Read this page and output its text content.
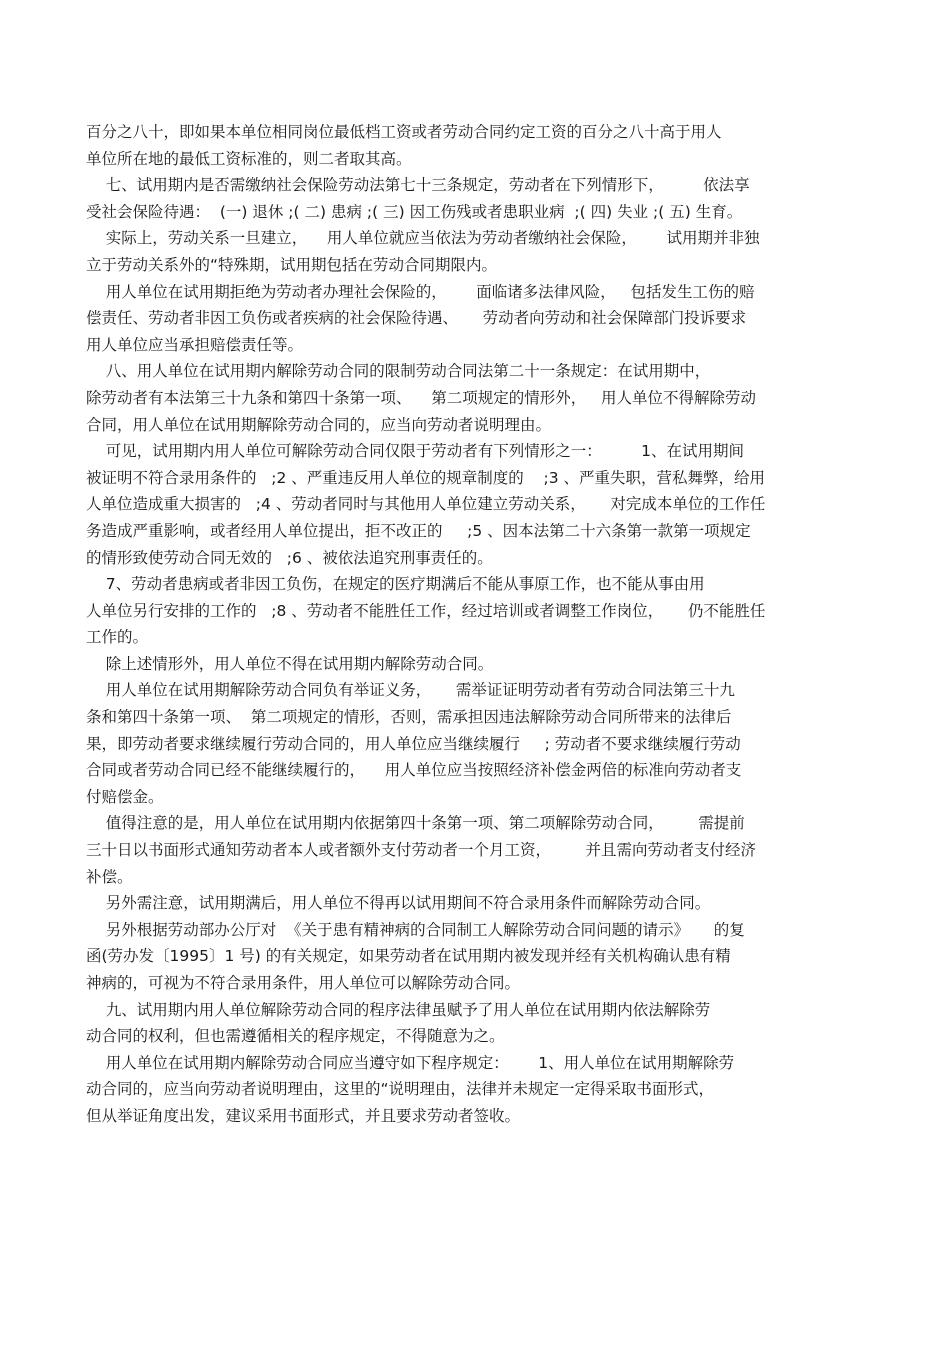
百分之八十，即如果本单位相同岗位最低档工资或者劳动合同约定工资的百分之八十高于用人
单位所在地的最低工资标准的，则二者取其高。
七、试用期内是否需缴纳社会保险劳动法第七十三条规定，劳动者在下列情形下，        依法享
受社会保险待遇：  (一) 退休 ;( 二) 患病 ;( 三) 因工伤残或者患职业病  ;( 四) 失业 ;( 五) 生育。
实际上，劳动关系一旦建立，    用人单位就应当依法为劳动者缴纳社会保险，      试用期并非独
立于劳动关系外的“特殊期，试用期包括在劳动合同期限内。
用人单位在试用期拒绝为劳动者办理社会保险的，      面临诸多法律风险，   包括发生工伤的赔
偿责任、劳动者非因工负伤或者疾病的社会保险待遇、     劳动者向劳动和社会保障部门投诉要求
用人单位应当承担赔偿责任等。
八、用人单位在试用期内解除劳动合同的限制劳动合同法第二十一条规定：在试用期中，
除劳动者有本法第三十九条和第四十条第一项、    第二项规定的情形外，   用人单位不得解除劳动
合同，用人单位在试用期解除劳动合同的，应当向劳动者说明理由。
可见，试用期内用人单位可解除劳动合同仅限于劳动者有下列情形之一：        1、在试用期间
被证明不符合录用条件的   ;2 、严重违反用人单位的规章制度的    ;3 、严重失职，营私舞弊，给用
人单位造成重大损害的   ;4 、劳动者同时与其他用人单位建立劳动关系，     对完成本单位的工作任
务造成严重影响，或者经用人单位提出，拒不改正的     ;5 、因本法第二十六条第一款第一项规定
的情形致使劳动合同无效的   ;6 、被依法追究刑事责任的。
7、劳动者患病或者非因工负伤，在规定的医疗期满后不能从事原工作，也不能从事由用
人单位另行安排的工作的   ;8 、劳动者不能胜任工作，经过培训或者调整工作岗位，     仍不能胜任
工作的。
除上述情形外，用人单位不得在试用期内解除劳动合同。
用人单位在试用期解除劳动合同负有举证义务，     需举证证明劳动者有劳动合同法第三十九
条和第四十条第一项、  第二项规定的情形，否则，需承担因违法解除劳动合同所带来的法律后
果，即劳动者要求继续履行劳动合同的，用人单位应当继续履行     ; 劳动者不要求继续履行劳动
合同或者劳动合同已经不能继续履行的，    用人单位应当按照经济补偿金两倍的标准向劳动者支
付赔偿金。
值得注意的是，用人单位在试用期内依据第四十条第一项、第二项解除劳动合同，       需提前
三十日以书面形式通知劳动者本人或者额外支付劳动者一个月工资，       并且需向劳动者支付经济
补偿。
另外需注意，试用期满后，用人单位不得再以试用期间不符合录用条件而解除劳动合同。
另外根据劳动部办公厅对  《关于患有精神病的合同制工人解除劳动合同问题的请示》     的复
函(劳办发〔1995〕1 号) 的有关规定，如果劳动者在试用期内被发现并经有关机构确认患有精
神病的，可视为不符合录用条件，用人单位可以解除劳动合同。
九、试用期内用人单位解除劳动合同的程序法律虽赋予了用人单位在试用期内依法解除劳
动合同的权利，但也需遵循相关的程序规定，不得随意为之。
用人单位在试用期内解除劳动合同应当遵守如下程序规定：      1、用人单位在试用期解除劳
动合同的，应当向劳动者说明理由，这里的“说明理由，法律并未规定一定得采取书面形式，
但从举证角度出发，建议采用书面形式，并且要求劳动者签收。
